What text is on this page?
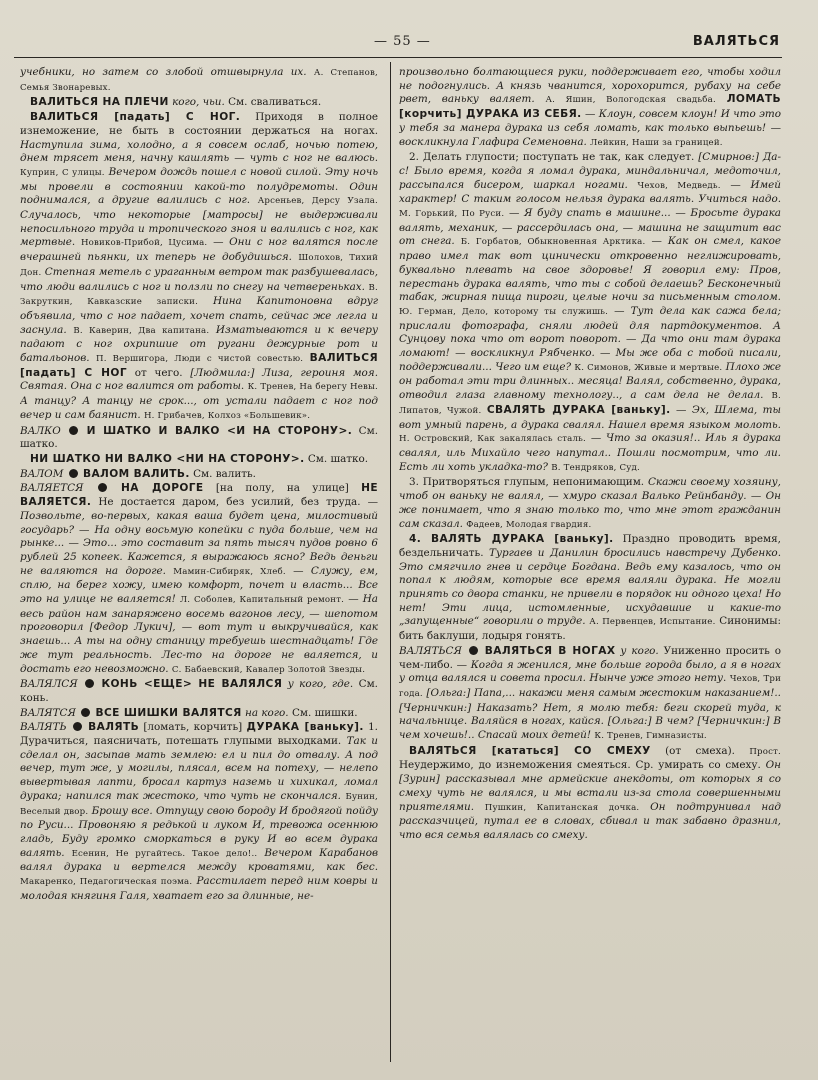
— 55 —	ВАЛЯТЬСЯ

учебники, но затем со злобой отшвырнула их. А. Степанов, Семья Звонаревых.

ВАЛИТЬСЯ НА ПЛЕЧИ кого, чьи. См. сваливаться.

ВАЛИТЬСЯ [падать] С НОГ. Приходя в полное изнеможение, не быть в состоянии держаться на ногах. Наступила зима, холодно, а я совсем ослаб, ночью потею, днем трясет меня, начну кашлять — чуть с ног не валюсь. Куприн, С улицы. Вечером дождь пошел с новой силой. Эту ночь мы провели в состоянии какой-то полудремоты. Один поднимался, а другие валились с ног. Арсеньев, Дерсу Узала. Случалось, что некоторые [матросы] не выдерживали непосильного труда и тропического зноя и валились с ног, как мертвые. Новиков-Прибой, Цусима. — Они с ног валятся после вчерашней пьянки, их теперь не добудишься. Шолохов, Тихий Дон. Степная метель с ураганным ветром так разбушевалась, что люди валились с ног и ползли по снегу на четвереньках. В. Закруткин, Кавказские записки. Нина Капитоновна вдруг объявила, что с ног падает, хочет спать, сейчас же легла и заснула. В. Каверин, Два капитана. Изматываются и к вечеру падают с ног охрипшие от ругани дежурные рот и батальонов. П. Вершигора, Люди с чистой совестью. ВАЛИТЬСЯ [падать] С НОГ от чего. [Людмила:] Лиза, героиня моя. Святая. Она с ног валится от работы. К. Тренев, На берегу Невы. А танцу? А танцу не срок..., от устали падает с ног под вечер и сам баянист. Н. Грибачев, Колхоз «Большевик».

ВАЛКО И ШАТКО И ВАЛКО <И НА СТОРОНУ>. См. шатко.

НИ ШАТКО НИ ВАЛКО <НИ НА СТОРОНУ>. См. шатко.

ВАЛОМ ВАЛОМ ВАЛИТЬ. См. валить.

ВАЛЯЕТСЯ	НА ДОРОГЕ [на полу, на улице] НЕ ВАЛЯЕТСЯ. Не достается даром, без усилий, без труда. — Позвольте, во-первых, какая ваша будет цена, милостивый государь? — На одну восьмую копейки с пуда больше, чем на рынке... — Это... это составит за пять тысяч пудов ровно 6 рублей 25 копеек. Кажется, я выражаюсь ясно? Ведь деньги не валяются на дороге. Мамин-Сибиряк, Хлеб. — Служу, ем, сплю, на берег хожу, имею комфорт, почет и власть... Все это на улице не валяется! Л. Соболев, Капитальный ремонт. — На весь район нам занаряжено восемь вагонов лесу, — шепотом проговорил [Федор Лукич], — вот тут и выкручивайся, как знаешь... А ты на одну станицу требуешь шестнадцать! Где же тут реальность. Лес-то на дороге не валяется, и достать его невозможно. С. Бабаевский, Кавалер Золотой Звезды.

ВАЛЯЛСЯ КОНЬ <ЕЩЕ> НЕ ВАЛЯЛСЯ у кого, где. См. конь.

ВАЛЯТСЯ ВСЕ ШИШКИ ВАЛЯТСЯ на кого. См. шишки.

ВАЛЯТЬ ВАЛЯТЬ [ломать, корчить] ДУРАКА [ваньку]. 1. Дурачиться, паясничать, потешать глупыми выходками. Так и сделал он, засыпав мать землею: ел и пил до отвалу. А под вечер, тут же, у могилы, плясал, всем на потеху, — нелепо вывертывая лапти, бросал картуз наземь и хихикал, ломал дурака; напился так жестоко, что чуть не скончался. Бунин, Веселый двор. Брошу все. Отпущу свою бороду И бродягой пойду по Руси... Провоняю я редькой и луком И, тревожа осеннюю гладь, Буду громко сморкаться в руку И во всем дурака валять. Есенин, Не ругайтесь. Такое дело!.. Вечером Карабанов валял дурака и вертелся между кроватями, как бес. Макаренко, Педагогическая поэма. Расстилает перед ним ковры и молодая княгиня Галя, хватает его за длинные, не-

произвольно болтающиеся руки, поддерживает его, чтобы ходил не подогнулись. А князь чванится, хорохорится, рубаху на себе рвет, ваньку валяет. А. Яшин, Вологодская свадьба. ЛОМАТЬ [корчить] ДУРАКА ИЗ СЕБЯ. — Клоун, совсем клоун! И что это у тебя за манера дурака из себя ломать, как только выпьешь! — воскликнула Глафира Семеновна. Лейкин, Наши за границей.

2. Делать глупости; поступать не так, как следует. [Смирнов:] Да-с! Было время, когда я ломал дурака, миндальничал, медоточил, рассыпался бисером, шаркал ногами. Чехов, Медведь. — Имей характер! С таким голосом нельзя дурака валять. Учиться надо. М. Горький, По Руси. — Я буду спать в машине... — Бросьте дурака валять, механик, — рассердилась она, — машина не защитит вас от снега. Б. Горбатов, Обыкновенная Арктика. — Как он смел, какое право имел так вот цинически откровенно неглижировать, буквально плевать на свое здоровье! Я говорил ему: Пров, перестань дурака валять, что ты с собой делаешь? Бесконечный табак, жирная пища пироги, целые ночи за письменным столом. Ю. Герман, Дело, которому ты служишь. — Тут дела как сажа бела; прислали фотографа, сняли людей для партдокументов. А Сунцову пока что от ворот поворот. — Да что они там дурака ломают! — воскликнул Рябченко. — Мы же оба с тобой писали, поддерживали... Чего им еще? К. Симонов, Живые и мертвые. Плохо же он работал эти три длинных.. месяца! Валял, собственно, дурака, отводил глаза главному технологу.., а сам дела не делал. В. Липатов, Чужой. СВАЛЯТЬ ДУРАКА [ваньку]. — Эх, Шлема, ты вот умный парень, а дурака свалял. Нашел время языком молоть. Н. Островский, Как закалялась сталь. — Что за оказия!.. Иль я дурака свалял, иль Михайло чего напутал.. Пошли посмотрим, что ли. Есть ли хоть укладка-то? В. Тендряков, Суд.

3. Притворяться глупым, непонимающим. Скажи своему хозяину, чтоб он ваньку не валял, — хмуро сказал Валько Рейнбанду. — Он же понимает, что я знаю только то, что мне этот гражданин сам сказал. Фадеев, Молодая гвардия.

4. ВАЛЯТЬ ДУРАКА [ваньку]. Праздно проводить время, бездельничать. Тургаев и Данилин бросились навстречу Дубенко. Это смягчило гнев и сердце Богдана. Ведь ему казалось, что он попал к людям, которые все время валяли дурака. Не могли принять со двора станки, не привели в порядок ни одного цеха! Но нет! Эти лица, истомленные, исхудавшие и какие-то „запущенные“ говорили о труде. А. Первенцев, Испытание. Синонимы: бить баклуши, лодыря гонять.

ВАЛЯТЬСЯ ВАЛЯТЬСЯ В НОГАХ у кого. Униженно просить о чем-либо. — Когда я женился, мне больше города было, а я в ногах у отца валялся и совета просил. Нынче уже этого нету. Чехов, Три года. [Ольга:] Папа,... накажи меня самым жестоким наказанием!.. [Черничкин:] Наказать? Нет, я молю тебя: беги скорей туда, к начальнице. Валяйся в ногах, кайся. [Ольга:] В чем? [Черничкин:] В чем хочешь!.. Спасай моих детей! К. Тренев, Гимназисты.

ВАЛЯТЬСЯ [кататься] СО СМЕХУ (от смеха). Прост. Неудержимо, до изнеможения смеяться. Ср. умирать со смеху. Он [Зурин] рассказывал мне армейские анекдоты, от которых я со смеху чуть не валялся, и мы встали из-за стола совершенными приятелями. Пушкин, Капитанская дочка. Он подтрунивал над рассказчицей, путал ее в словах, сбивал и так забавно дразнил, что вся семья валялась со смеху.
